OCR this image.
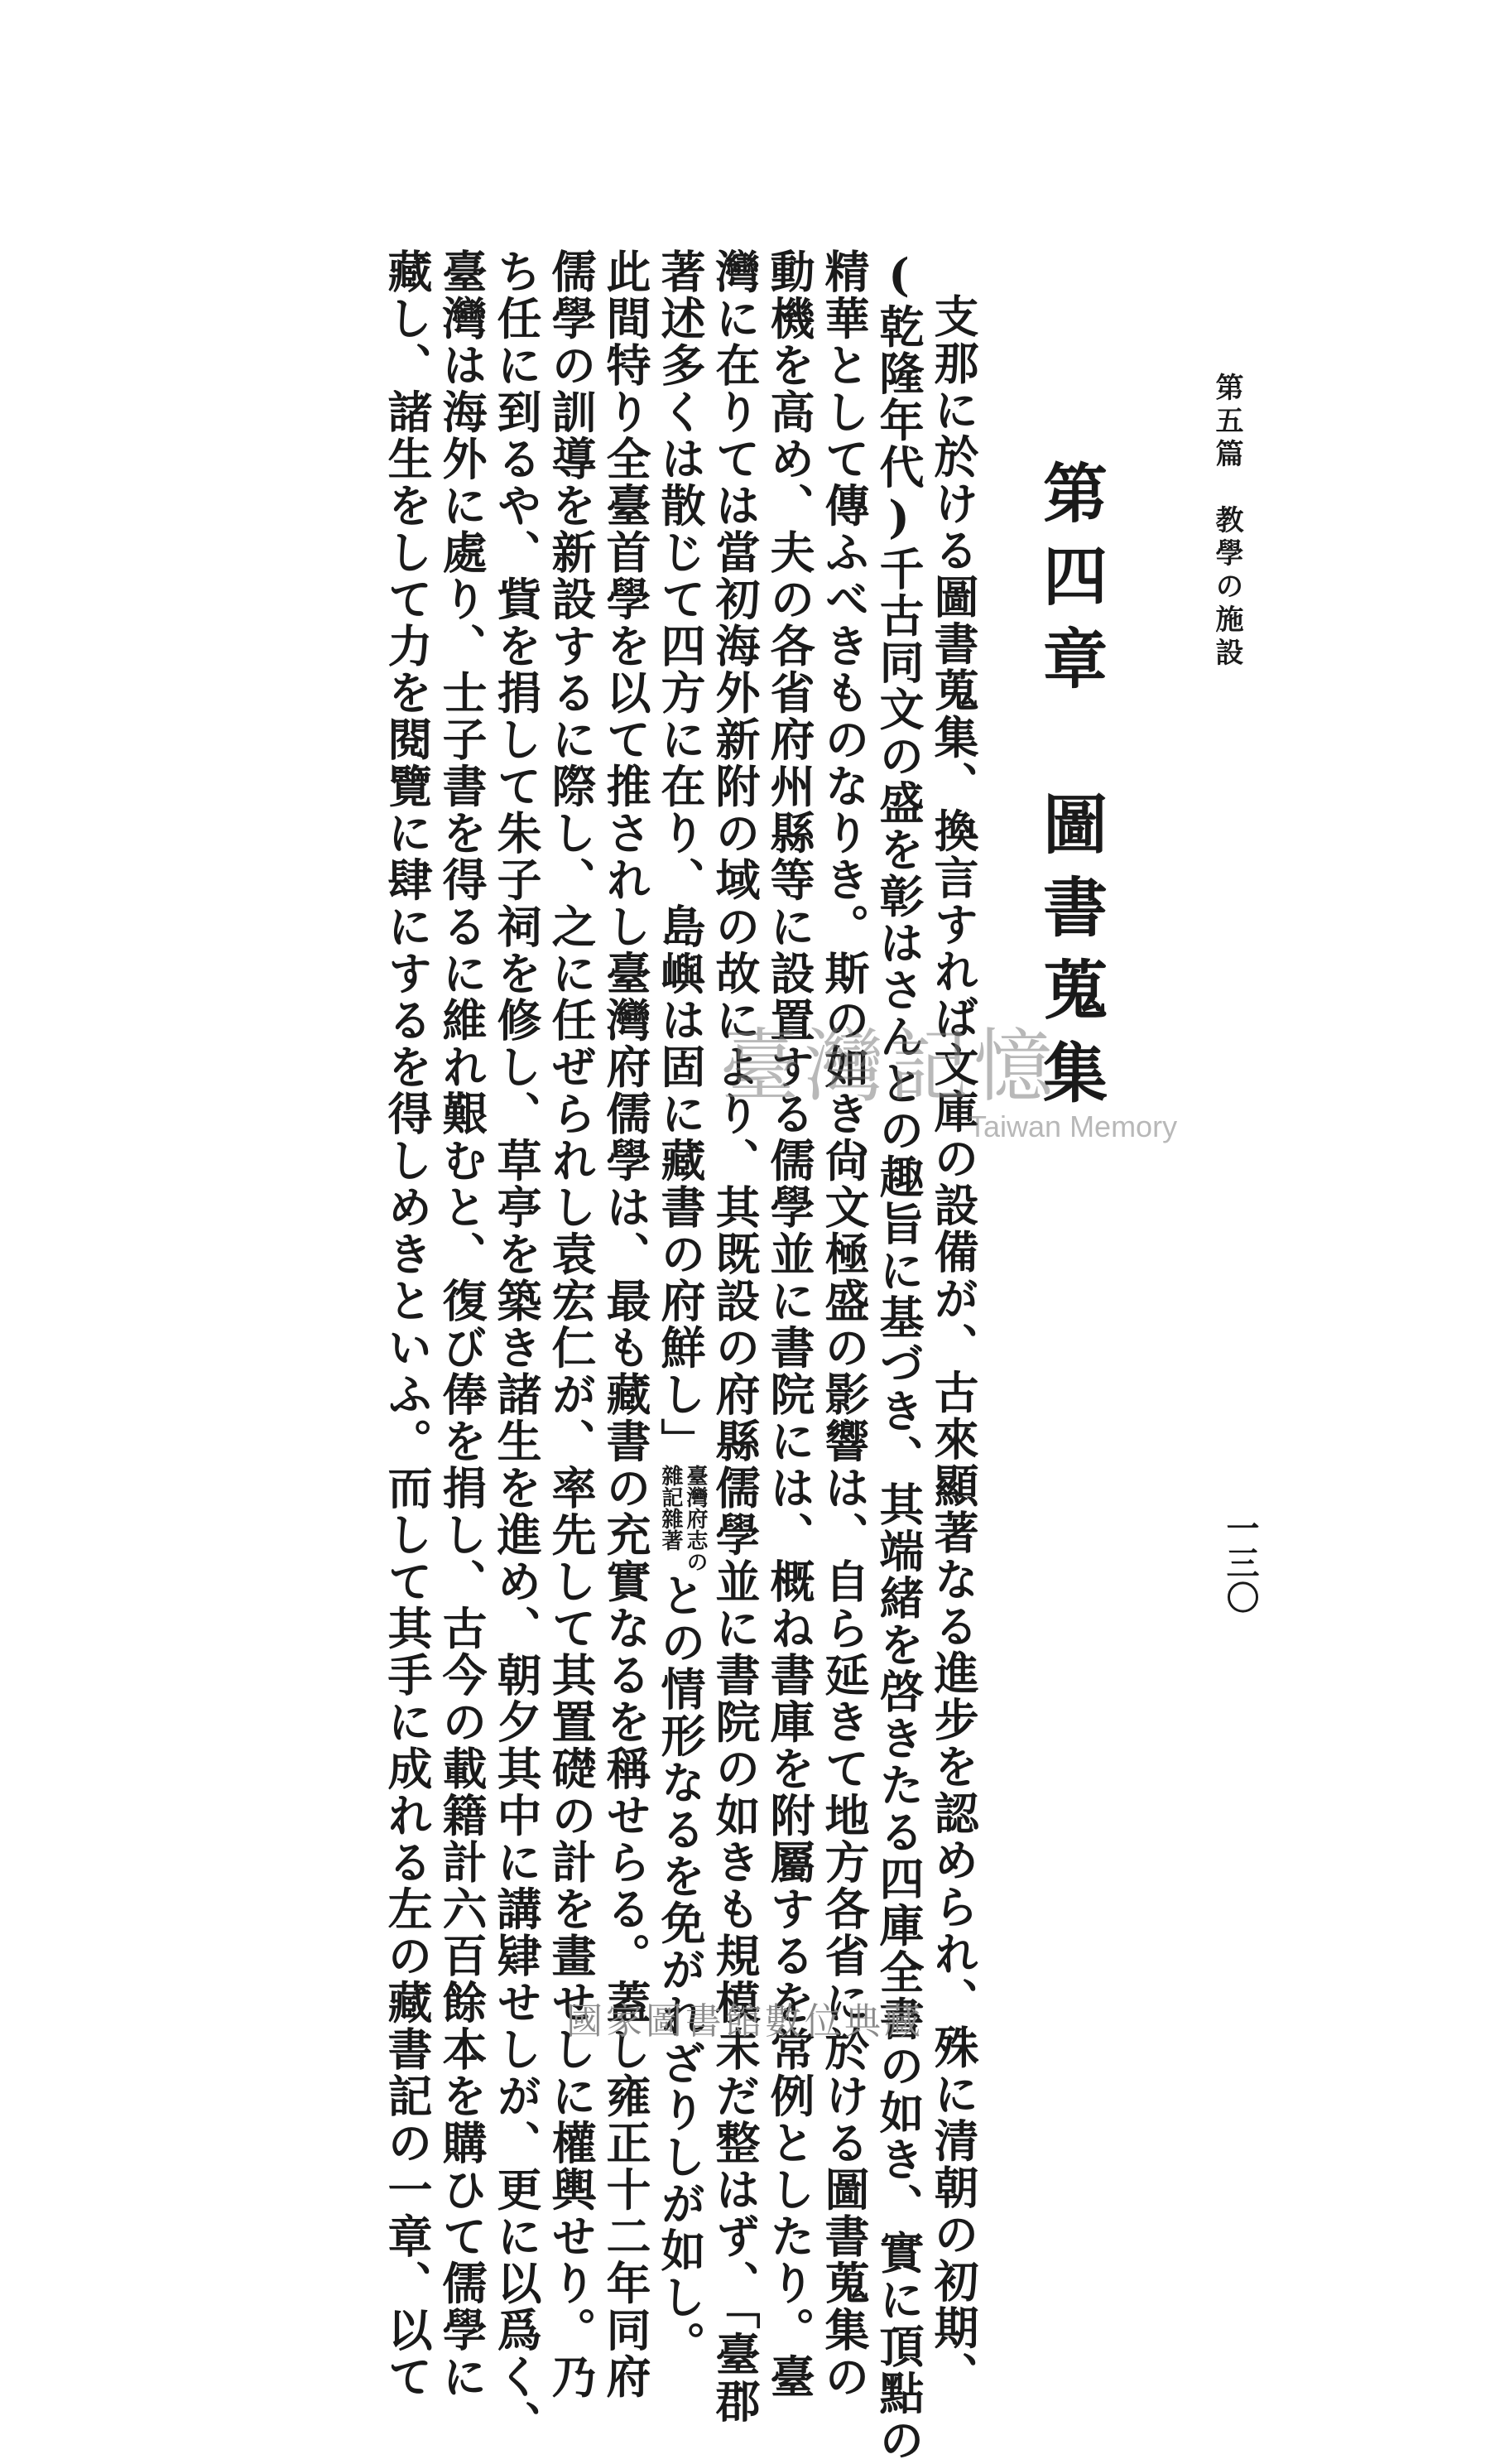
第五篇　教學の施設
一三〇
第四章　圖書蒐集
支那に於ける圖書蒐集、換言すれば文庫の設備が、古來顯著なる進步を認められ、殊に清朝の初期、
(乾隆年代)千古同文の盛を彰はさんとの趣旨に基づき、其端緒を啓きたる四庫全書の如き、實に頂點の
精華として傳ふべきものなりき。斯の如き尙文極盛の影響は、自ら延きて地方各省に於ける圖書蒐集の
動機を高め、夫の各省府州縣等に設置する儒學並に書院には、概ね書庫を附屬するを常例としたり。臺
灣に在りては當初海外新附の域の故により、其既設の府縣儒學並に書院の如きも規模未だ整はず、「臺郡
著述多くは散じて四方に在り、島嶼は固に藏書の府鮮し」
臺灣府志の
雜記雜著
との情形なるを免がれざりしが如し。
此間特り全臺首學を以て推されし臺灣府儒學は、最も藏書の充實なるを稱せらる。蓋し雍正十二年同府
儒學の訓導を新設するに際し、之に任ぜられし袁宏仁が、率先して其置礎の計を畫せしに權輿せり。乃
ち任に到るや、貲を捐して朱子祠を修し、草亭を築き諸生を進め、朝夕其中に講肄せしが、更に以爲く、
臺灣は海外に處り、士子書を得るに維れ艱むと、復び俸を捐し、古今の載籍計六百餘本を購ひて儒學に
藏し、諸生をして力を閱覽に肆にするを得しめきといふ。而して其手に成れる左の藏書記の一章、以て	臺灣記憶
Taiwan Memory
國家圖書館數位典藏
